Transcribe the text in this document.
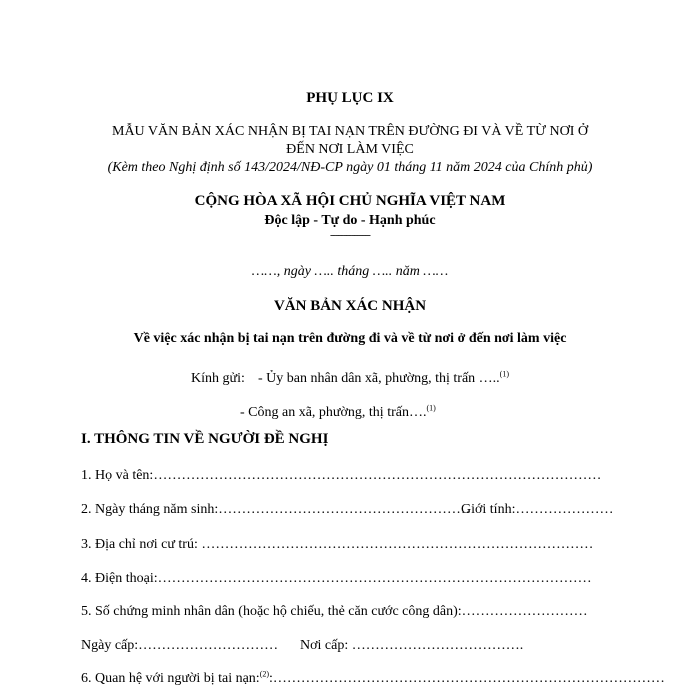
PHỤ LỤC IX
MẪU VĂN BẢN XÁC NHẬN BỊ TAI NẠN TRÊN ĐƯỜNG ĐI VÀ VỀ TỪ NƠI Ở
ĐẾN NƠI LÀM VIỆC
(Kèm theo Nghị định số 143/2024/NĐ-CP ngày 01 tháng 11 năm 2024 của Chính phủ)
CỘNG HÒA XÃ HỘI CHỦ NGHĨA VIỆT NAM
Độc lập - Tự do - Hạnh phúc
---------------
……, ngày ….. tháng ….. năm ……
VĂN BẢN XÁC NHẬN
Về việc xác nhận bị tai nạn trên đường đi và về từ nơi ở đến nơi làm việc
Kính gửi: - Ủy ban nhân dân xã, phường, thị trấn …..$^{(1)}$
- Công an xã, phường, thị trấn….$^{(1)}$
I. THÔNG TIN VỀ NGƯỜI ĐỀ NGHỊ
1. Họ và tên:……………………………………………………………………………………
2. Ngày tháng năm sinh:………………………………………………
Giới tính:…………………
3. Địa chỉ nơi cư trú: …………………………………………………………………………
4. Điện thoại:…………………………………………………………………………………
5. Số chứng minh nhân dân (hoặc hộ chiếu, thẻ căn cước công dân):………………………
Ngày cấp:………………………… Nơi cấp: ……………………………….
6. Quan hệ với người bị tai nạn:$^{(2)}$:…………………………………………………………………………
